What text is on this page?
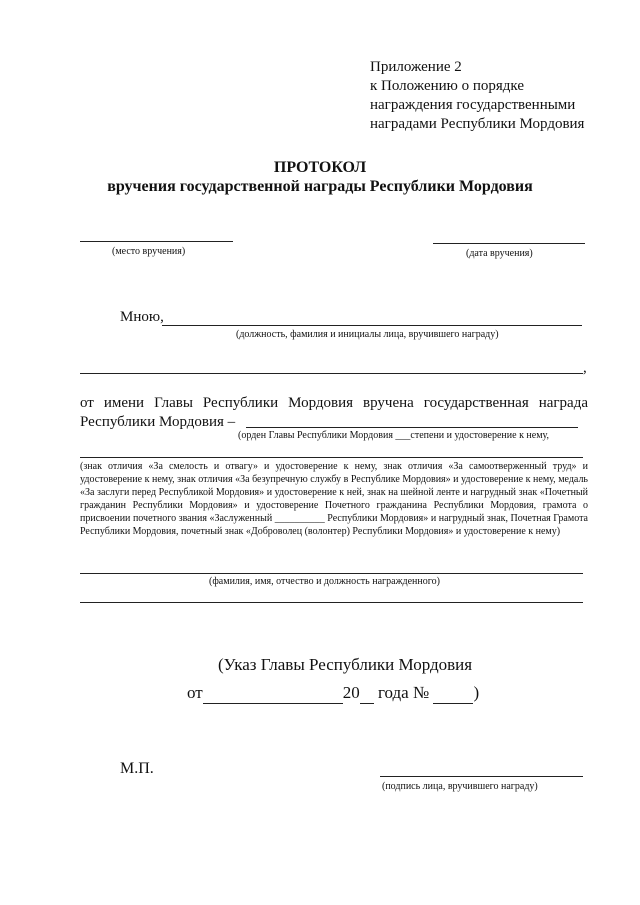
Приложение 2
к Положению о порядке
награждения государственными
наградами Республики Мордовия
ПРОТОКОЛ
вручения государственной награды Республики Мордовия
(место вручения)	(дата вручения)
Мною,
(должность, фамилия и инициалы лица, вручившего награду)
,
от имени Главы Республики Мордовия вручена государственная награда
Республики Мордовия –
(орден Главы Республики Мордовия ___степени и удостоверение к нему,
(знак отличия «За смелость и отвагу» и удостоверение к нему, знак отличия «За самоотверженный труд» и удостоверение к нему, знак отличия «За безупречную службу в Республике Мордовия» и удостоверение к нему, медаль «За заслуги перед Республикой Мордовия» и удостоверение к ней, знак на шейной ленте и нагрудный знак «Почетный гражданин Республики Мордовия» и удостоверение Почетного гражданина Республики Мордовия, грамота о присвоении почетного звания «Заслуженный __________ Республики Мордовия» и нагрудный знак, Почетная Грамота Республики Мордовия, почетный знак «Доброволец (волонтер) Республики Мордовия» и удостоверение к нему)
(фамилия, имя, отчество и должность награжденного)
(Указ Главы Республики Мордовия
от	20 года №	)
М.П.
(подпись лица, вручившего награду)
